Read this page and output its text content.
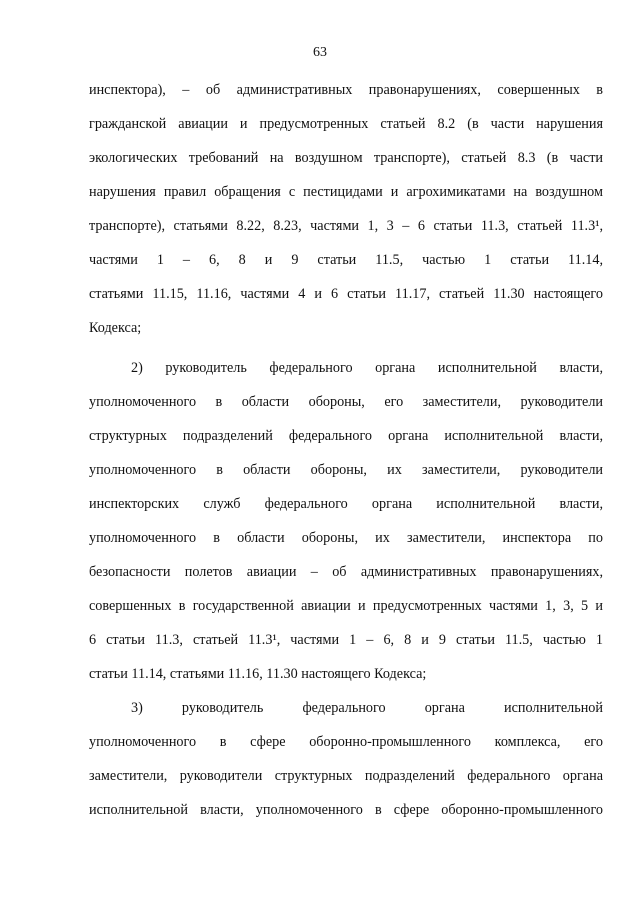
63
инспектора), – об административных правонарушениях, совершенных в
гражданской авиации и предусмотренных статьей 8.2 (в части нарушения
экологических требований на воздушном транспорте), статьей 8.3 (в части
нарушения правил обращения с пестицидами и агрохимикатами на воздушном
транспорте), статьями 8.22, 8.23, частями 1, 3 – 6 статьи 11.3, статьей 11.3¹,
частями 1 – 6, 8 и 9 статьи 11.5, частью 1 статьи 11.14,
статьями 11.15, 11.16, частями 4 и 6 статьи 11.17, статьей 11.30 настоящего
Кодекса;
2) руководитель федерального органа исполнительной власти,
уполномоченного в области обороны, его заместители, руководители
структурных подразделений федерального органа исполнительной власти,
уполномоченного в области обороны, их заместители, руководители
инспекторских служб федерального органа исполнительной власти,
уполномоченного в области обороны, их заместители, инспектора по
безопасности полетов авиации – об административных правонарушениях,
совершенных в государственной авиации и предусмотренных частями 1, 3, 5 и
6 статьи 11.3, статьей 11.3¹, частями 1 – 6, 8 и 9 статьи 11.5, частью 1
статьи 11.14, статьями 11.16, 11.30 настоящего Кодекса;
3) руководитель федерального органа исполнительной
уполномоченного в сфере оборонно-промышленного комплекса, его
заместители, руководители структурных подразделений федерального органа
исполнительной власти, уполномоченного в сфере оборонно-промышленного
